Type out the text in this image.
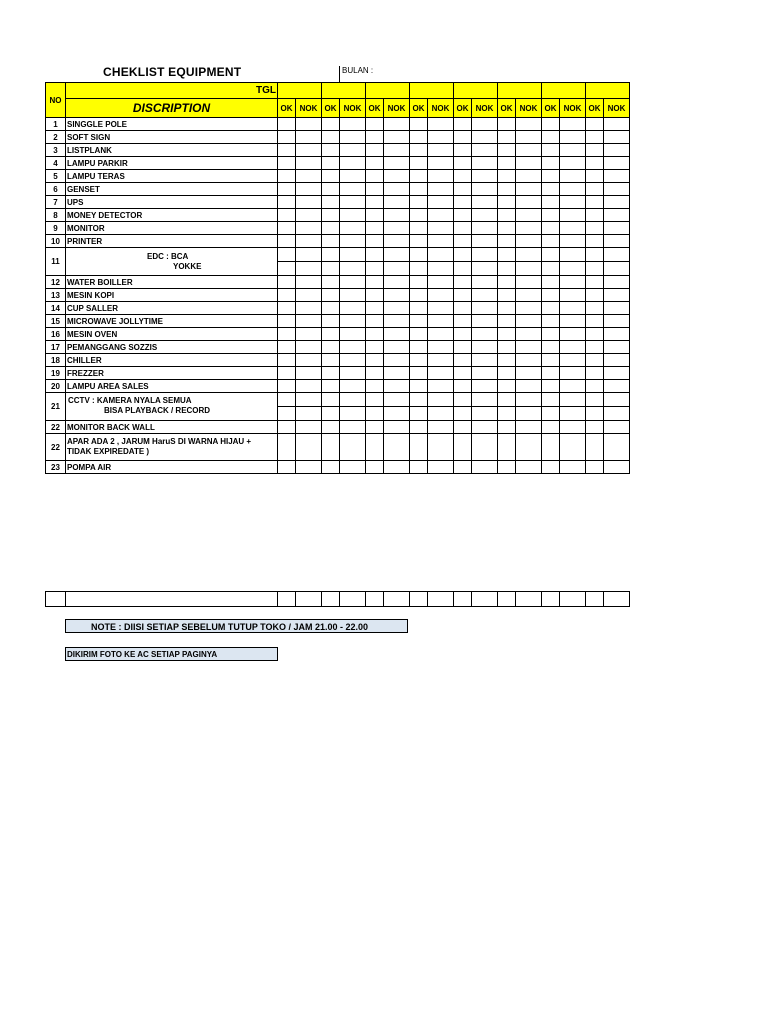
CHEKLIST EQUIPMENT	BULAN :
NO	TGL																
	DISCRIPTION	OK	NOK	OK	NOK	OK	NOK	OK	NOK	OK	NOK	OK	NOK	OK	NOK	OK	NOK
1	SINGGLE POLE																
2	SOFT SIGN																
3	LISTPLANK																
4	LAMPU PARKIR																
5	LAMPU TERAS																
6	GENSET																
7	UPS																
8	MONEY DETECTOR																
9	MONITOR																
10	PRINTER																
11	EDC : BCA
YOKKE																

12	WATER BOILLER																
13	MESIN KOPI																
14	CUP SALLER																
15	MICROWAVE JOLLYTIME																
16	MESIN OVEN																
17	PEMANGGANG SOZZIS																
18	CHILLER																
19	FREZZER																
20	LAMPU AREA SALES																
21	CCTV : KAMERA NYALA SEMUA
BISA PLAYBACK / RECORD																

22	MONITOR BACK WALL																
22	APAR ADA 2 , JARUM HaruS DI WARNA HIJAU + TIDAK EXPIREDATE )																
23	POMPA AIR																

NOTE : DIISI SETIAP SEBELUM TUTUP TOKO / JAM 21.00 - 22.00
DIKIRIM FOTO KE AC SETIAP PAGINYA
